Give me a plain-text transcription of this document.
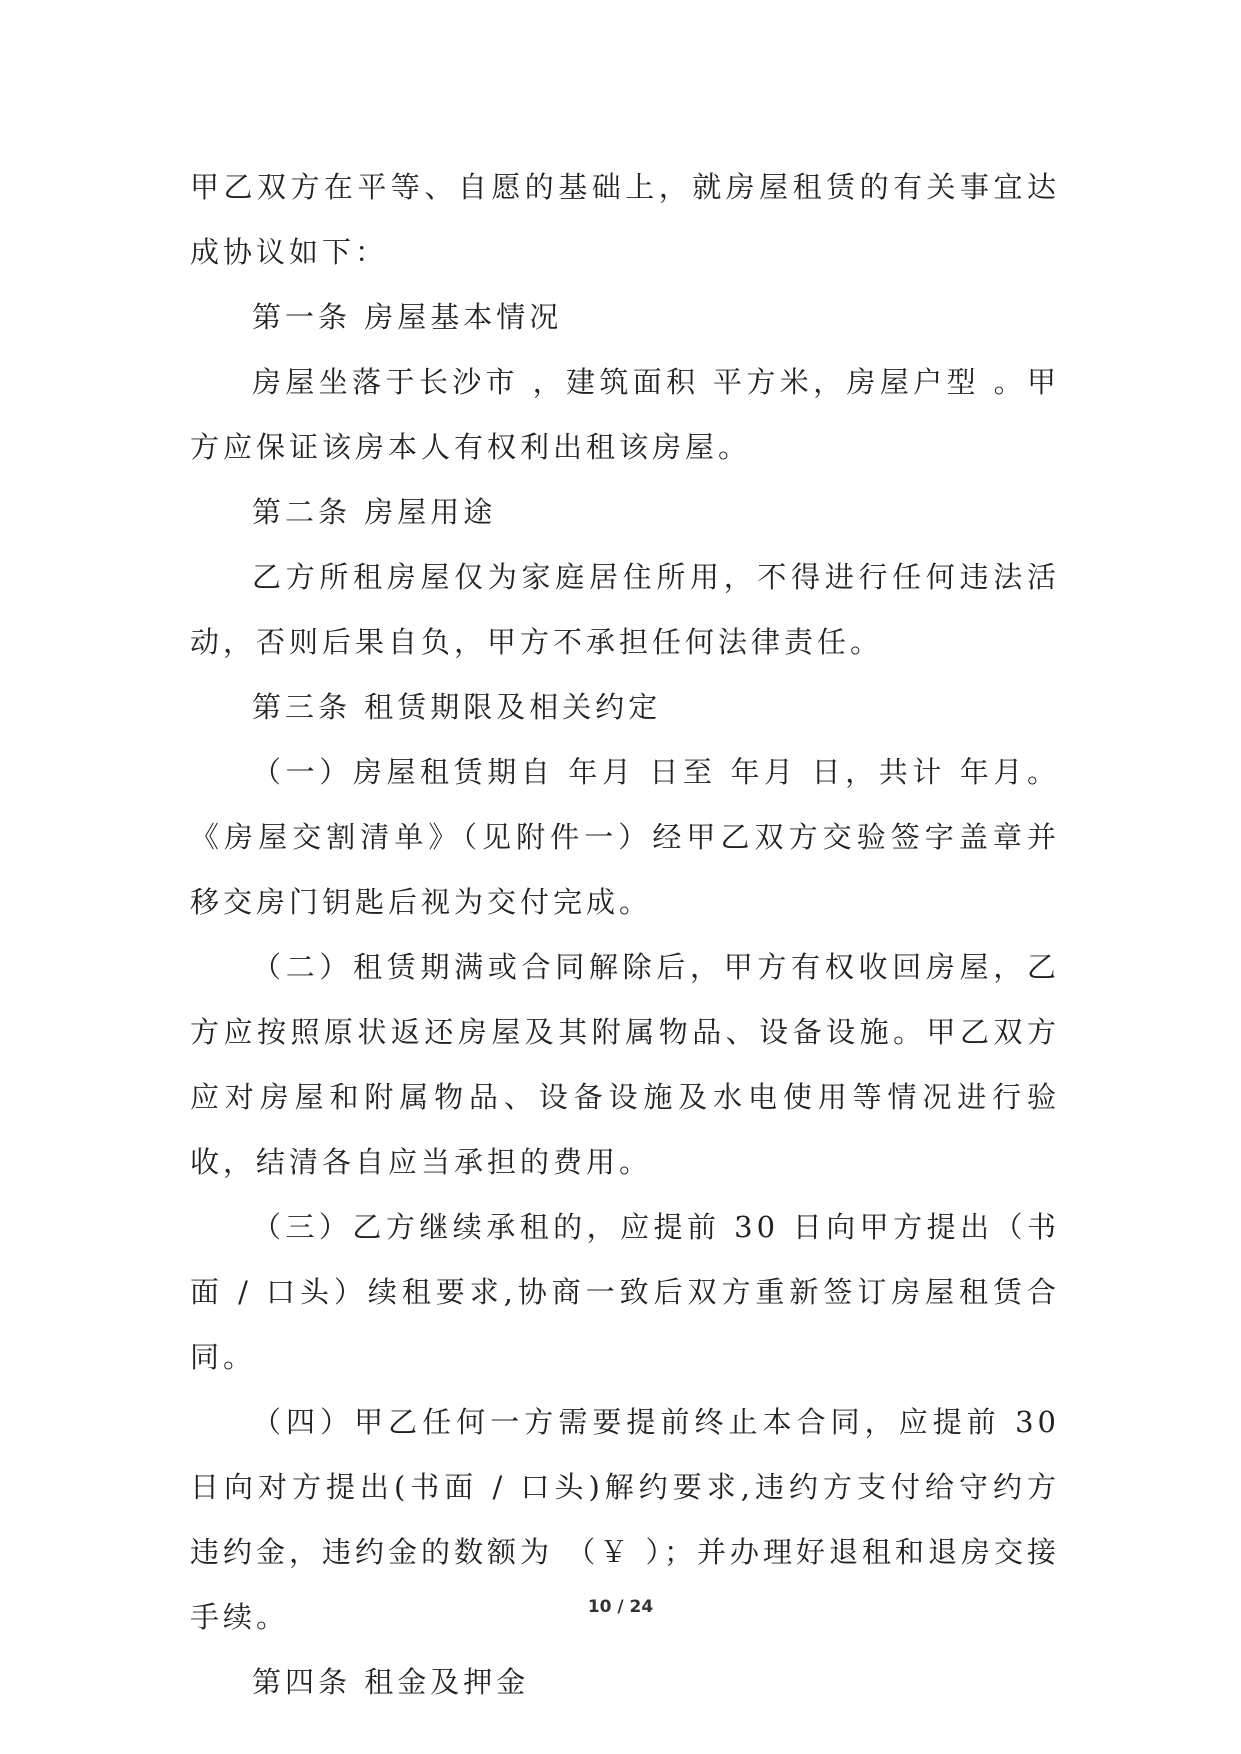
甲乙双方在平等、自愿的基础上，就房屋租赁的有关事宜达成协议如下：

第一条 房屋基本情况

房屋坐落于长沙市 ，建筑面积 平方米，房屋户型 。甲方应保证该房本人有权利出租该房屋。

第二条 房屋用途

乙方所租房屋仅为家庭居住所用，不得进行任何违法活动，否则后果自负，甲方不承担任何法律责任。

第三条 租赁期限及相关约定

（一）房屋租赁期自 年月 日至 年月 日，共计 年月。《房屋交割清单》（见附件一）经甲乙双方交验签字盖章并移交房门钥匙后视为交付完成。

（二）租赁期满或合同解除后，甲方有权收回房屋，乙方应按照原状返还房屋及其附属物品、设备设施。甲乙双方应对房屋和附属物品、设备设施及水电使用等情况进行验收，结清各自应当承担的费用。

（三）乙方继续承租的，应提前 30 日向甲方提出（书面 / 口头）续租要求,协商一致后双方重新签订房屋租赁合同。

（四）甲乙任何一方需要提前终止本合同，应提前 30 日向对方提出(书面 / 口头)解约要求,违约方支付给守约方违约金，违约金的数额为 （￥ ）；并办理好退租和退房交接手续。

第四条 租金及押金

10 / 24
